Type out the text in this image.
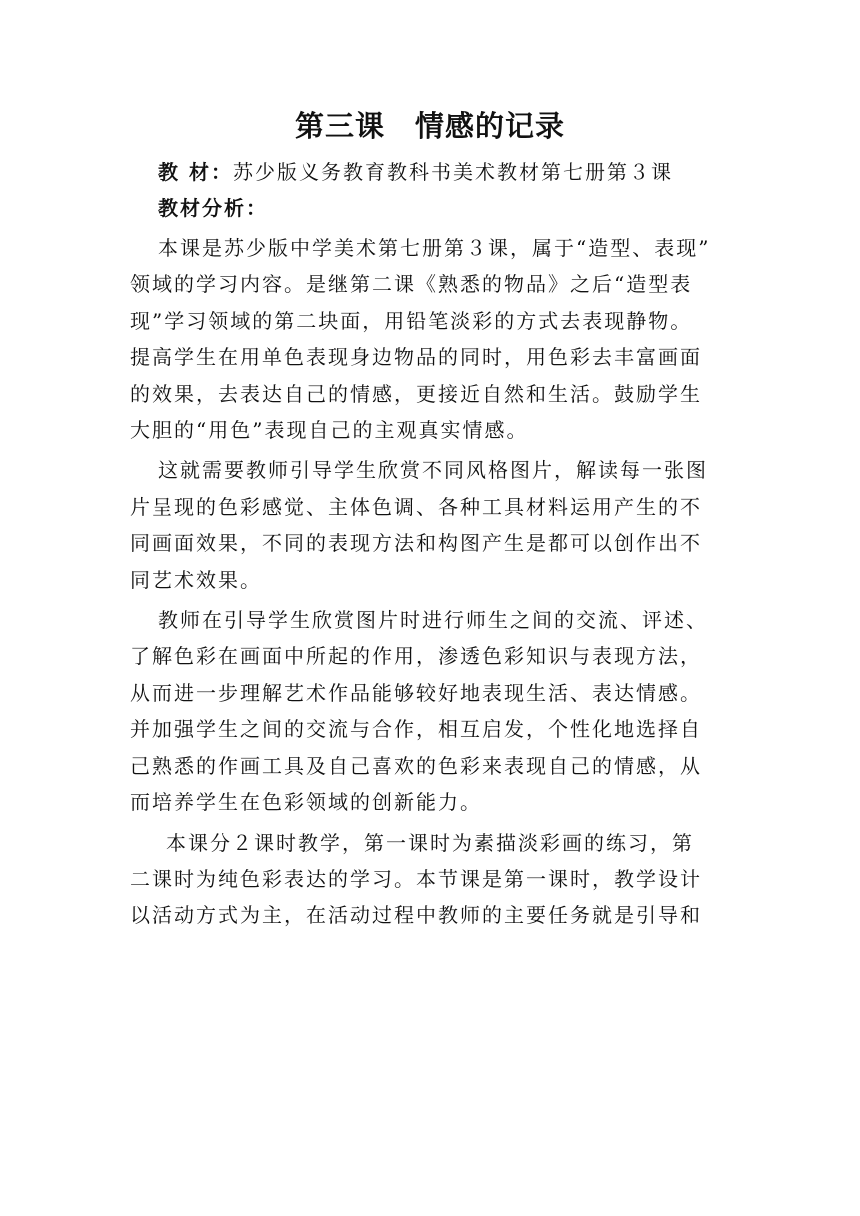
第三课　情感的记录

教 材：苏少版义务教育教科书美术教材第七册第３课

教材分析：

本课是苏少版中学美术第七册第３课，属于“造型、表现”

领域的学习内容。是继第二课《熟悉的物品》之后“造型表

现”学习领域的第二块面，用铅笔淡彩的方式去表现静物。

提高学生在用单色表现身边物品的同时，用色彩去丰富画面

的效果，去表达自己的情感，更接近自然和生活。鼓励学生

大胆的“用色”表现自己的主观真实情感。

这就需要教师引导学生欣赏不同风格图片，解读每一张图

片呈现的色彩感觉、主体色调、各种工具材料运用产生的不

同画面效果，不同的表现方法和构图产生是都可以创作出不

同艺术效果。

教师在引导学生欣赏图片时进行师生之间的交流、评述、

了解色彩在画面中所起的作用，渗透色彩知识与表现方法，

从而进一步理解艺术作品能够较好地表现生活、表达情感。

并加强学生之间的交流与合作，相互启发，个性化地选择自

己熟悉的作画工具及自己喜欢的色彩来表现自己的情感，从

而培养学生在色彩领域的创新能力。

本课分２课时教学，第一课时为素描淡彩画的练习，第

二课时为纯色彩表达的学习。本节课是第一课时，教学设计

以活动方式为主，在活动过程中教师的主要任务就是引导和
